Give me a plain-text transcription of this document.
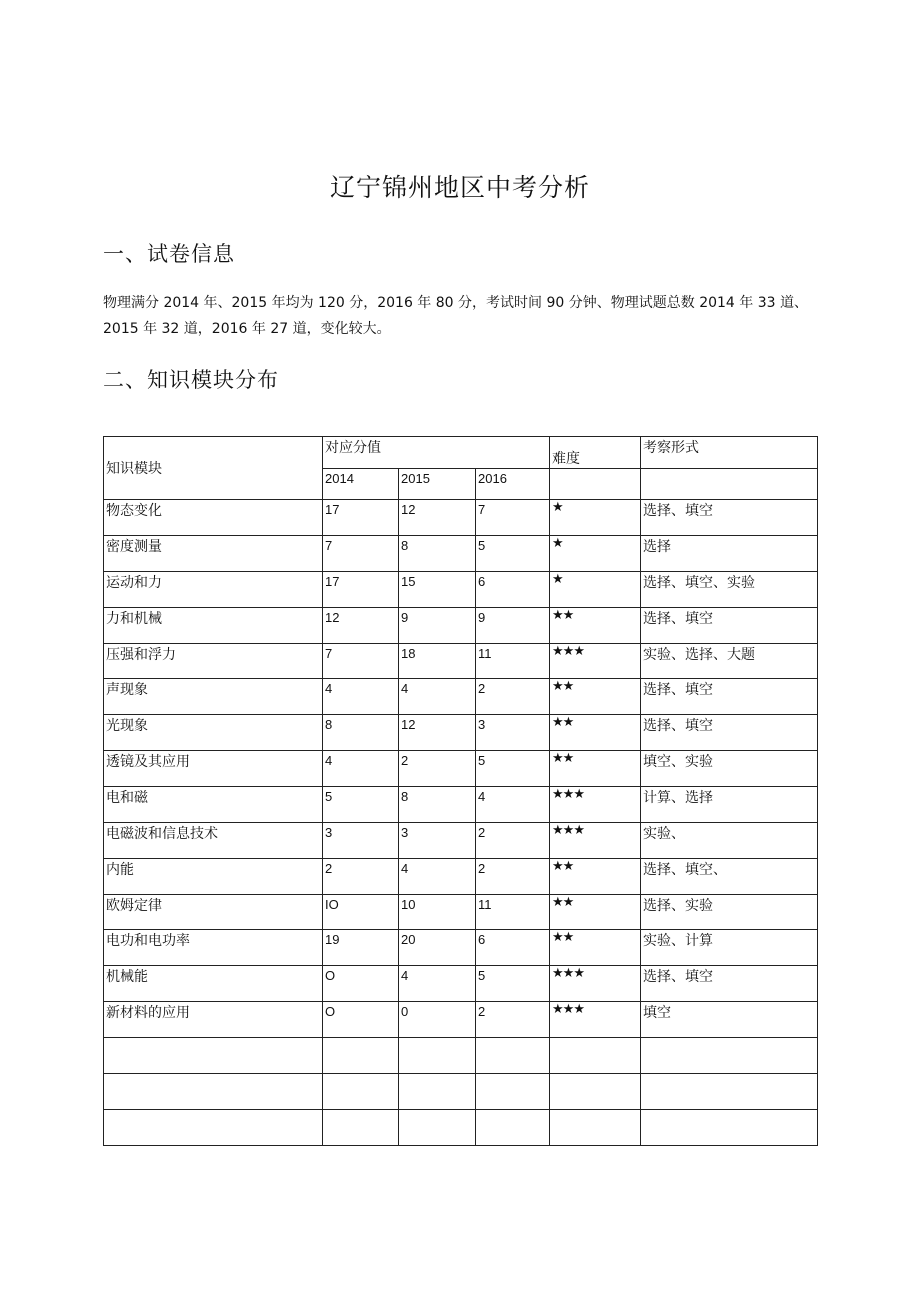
辽宁锦州地区中考分析
一、试卷信息
物理满分 2014 年、2015 年均为 120 分，2016 年 80 分，考试时间 90 分钟、物理试题总数 2014 年 33 道、2015 年 32 道，2016 年 27 道，变化较大。
二、知识模块分布
知识模块	对应分值			难度	考察形式
	2014	2015	2016		
物态变化	17	12	7	★	选择、填空
密度测量	7	8	5	★	选择
运动和力	17	15	6	★	选择、填空、实验
力和机械	12	9	9	★★	选择、填空
压强和浮力	7	18	11	★★★	实验、选择、大题
声现象	4	4	2	★★	选择、填空
光现象	8	12	3	★★	选择、填空
透镜及其应用	4	2	5	★★	填空、实验
电和磁	5	8	4	★★★	计算、选择
电磁波和信息技术	3	3	2	★★★	实验、
内能	2	4	2	★★	选择、填空、
欧姆定律	IO	10	11	★★	选择、实验
电功和电功率	19	20	6	★★	实验、计算
机械能	O	4	5	★★★	选择、填空
新材料的应用	O	0	2	★★★	填空
